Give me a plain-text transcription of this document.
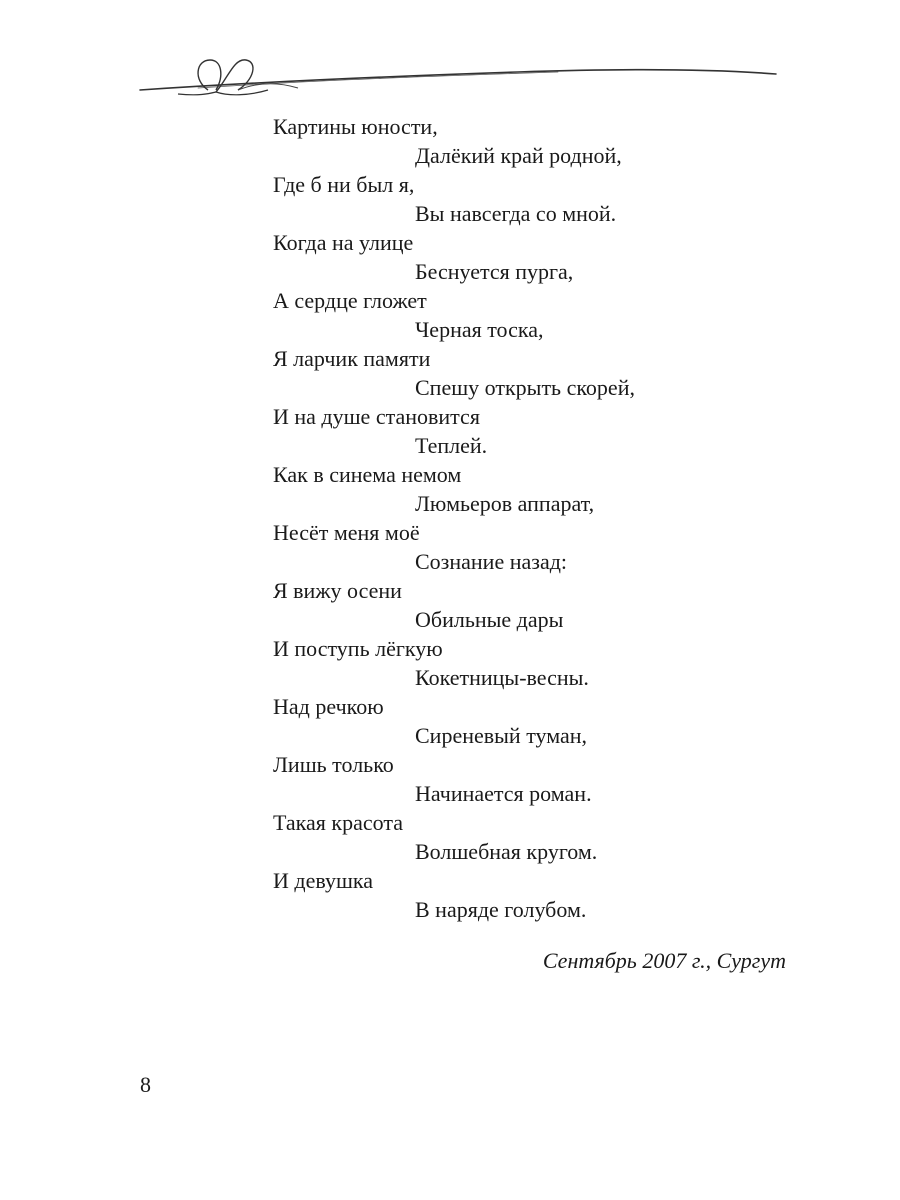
Картины юности,
Далёкий край родной,
Где б ни был я,
Вы навсегда со мной.
Когда на улице
Беснуется пурга,
А сердце гложет
Черная тоска,
Я ларчик памяти
Спешу открыть скорей,
И на душе становится
Теплей.
Как в синема немом
Люмьеров аппарат,
Несёт меня моё
Сознание назад:
Я вижу осени
Обильные дары
И поступь лёгкую
Кокетницы-весны.
Над речкою
Сиреневый туман,
Лишь только
Начинается роман.
Такая красота
Волшебная кругом.
И девушка
В наряде голубом.
Сентябрь 2007 г., Сургут
8
